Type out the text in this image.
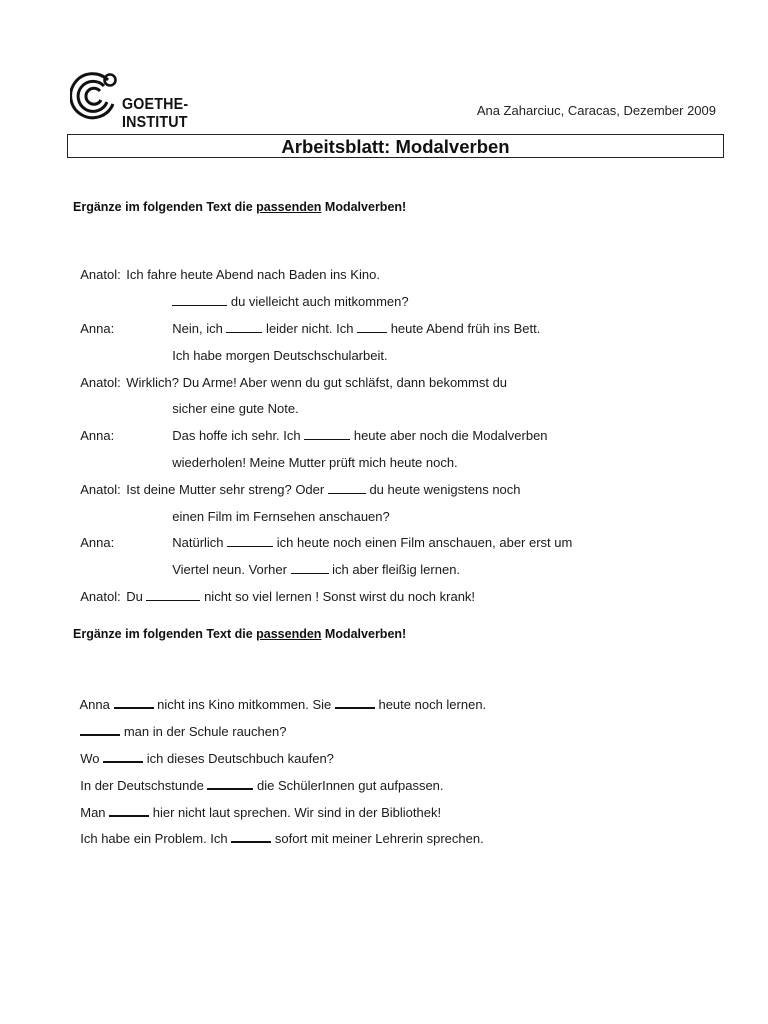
GOETHE-INSTITUT
Ana Zaharciuc, Caracas, Dezember 2009
Arbeitsblatt: Modalverben
Ergänze im folgenden Text die passenden Modalverben!

Anatol: Ich fahre heute Abend nach Baden ins Kino.

du vielleicht auch mitkommen?

Anna:	Nein, ich	leider nicht. Ich  heute Abend früh ins Bett.

Ich habe morgen Deutschschularbeit.

Anatol: Wirklich? Du Arme! Aber wenn du gut schläfst, dann bekommst du

sicher eine gute Note.

Anna:	Das hoffe ich sehr. Ich	heute aber noch die Modalverben

wiederholen! Meine Mutter prüft mich heute noch.

Anatol: Ist deine Mutter sehr streng? Oder	du heute wenigstens noch

einen Film im Fernsehen anschauen?

Anna:	Natürlich	ich heute noch einen Film anschauen, aber erst um

Viertel neun. Vorher	ich aber fleißig lernen.

Anatol: Du	nicht so viel lernen ! Sonst wirst du noch krank!

Ergänze im folgenden Text die passenden Modalverben!

Anna	nicht ins Kino mitkommen. Sie	heute noch lernen.

man in der Schule rauchen?

Wo	ich dieses Deutschbuch kaufen?

In der Deutschstunde	die SchülerInnen gut aufpassen.

Man	hier nicht laut sprechen. Wir sind in der Bibliothek!

Ich habe ein Problem. Ich	sofort mit meiner Lehrerin sprechen.
